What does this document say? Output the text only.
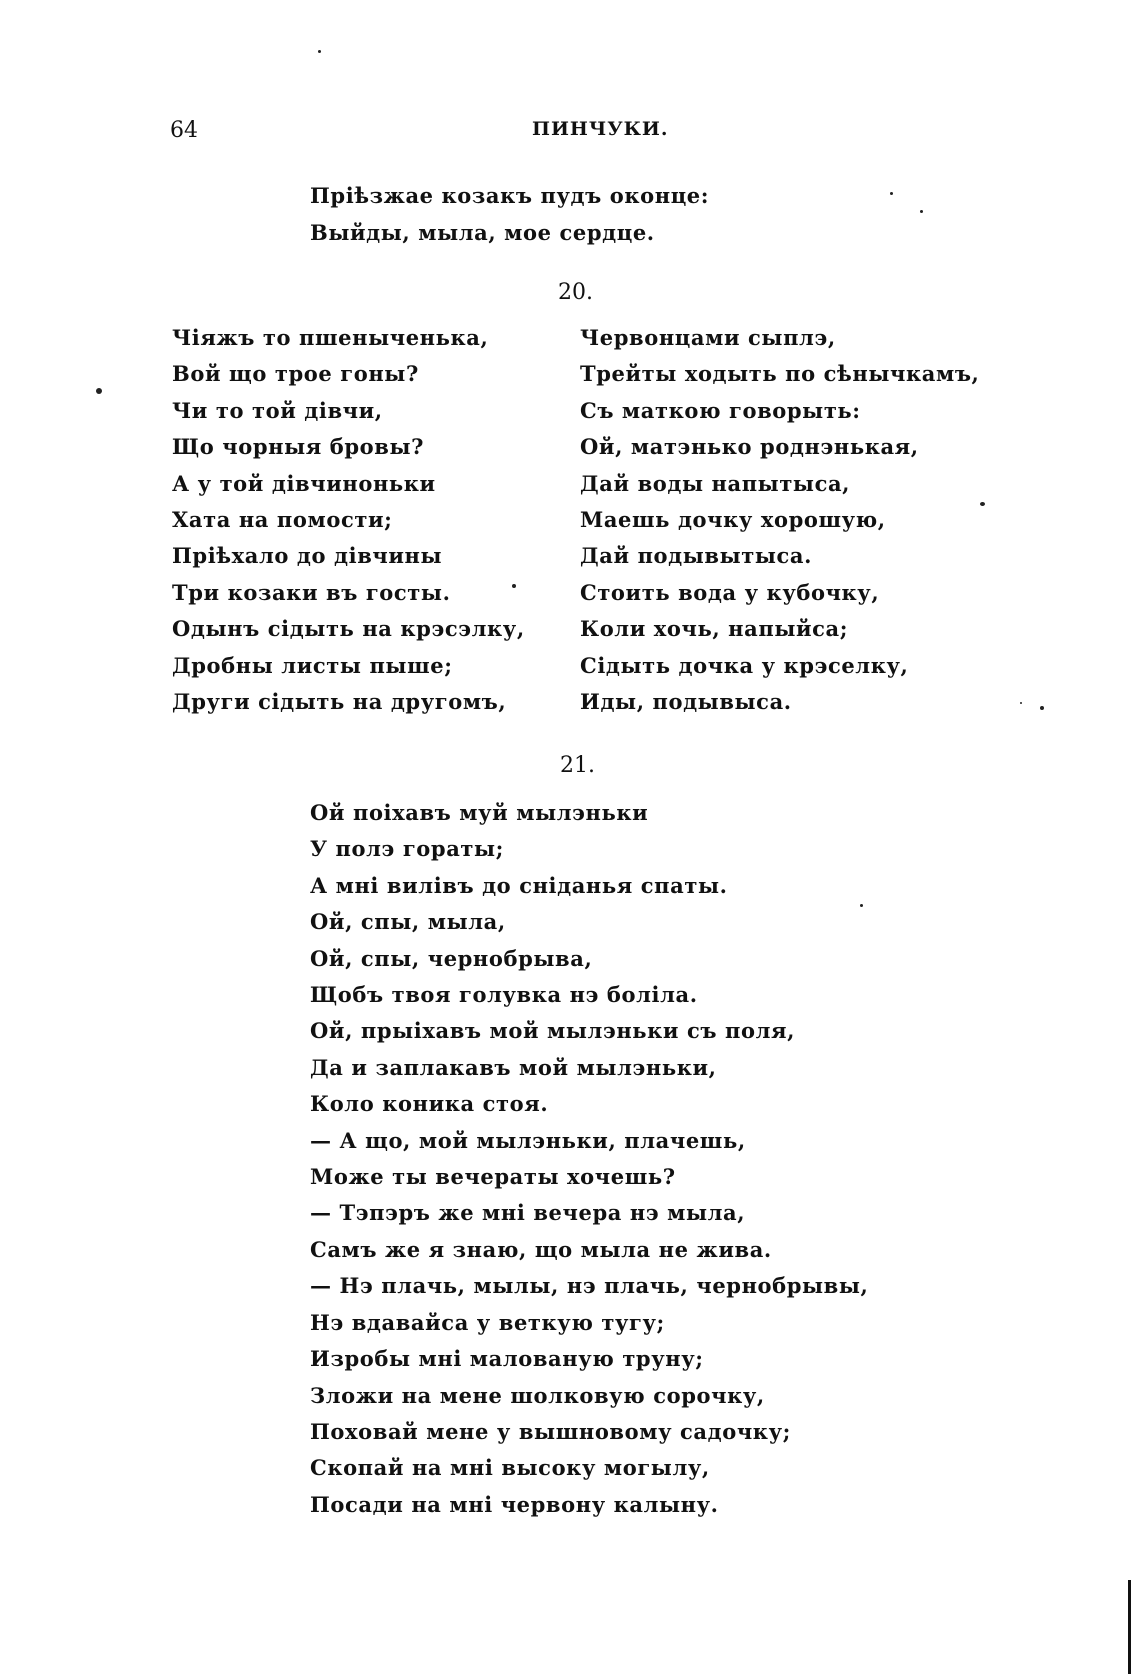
64	ПИНЧУКИ.
Прiѣзжае козакъ пудъ оконце:
Выйды, мыла, мое сердце.
20.
Чiяжъ то пшеныченька,
Вой що трое гоны?
Чи то той дiвчи,
Що чорныя бровы?
А у той дiвчиноньки
Хата на помости;
Прiѣхало до дiвчины
Три козаки въ госты.
Одынъ сiдыть на крэсэлку,
Дробны листы пыше;
Други сiдыть на другомъ,
Червонцами сыплэ,
Трейты ходыть по сѣнычкамъ,
Съ маткою говорыть:
Ой, матэнько роднэнькая,
Дай воды напытыса,
Маешь дочку хорошую,
Дай подывытыса.
Стоить вода у кубочку,
Коли хочь, напыйса;
Сiдыть дочка у крэселку,
Иды, подывыса.
21.
Ой поiхавъ муй мылэньки
У полэ гораты;
А мнi вилiвъ до снiданья спаты.
Ой, спы, мыла,
Ой, спы, чернобрыва,
Щобъ твоя голувка нэ болiла.
Ой, прыiхавъ мой мылэньки съ поля,
Да и заплакавъ мой мылэньки,
Коло коника стоя.
— А що, мой мылэньки, плачешь,
Може ты вечераты хочешь?
— Тэпэръ же мнi вечера нэ мыла,
Самъ же я знаю, що мыла не жива.
— Нэ плачь, мылы, нэ плачь, чернобрывы,
Нэ вдавайса у веткую тугу;
Изробы мнi малованую труну;
Зложи на мене шолковую сорочку,
Поховай мене у вышновому садочку;
Скопай на мнi высоку могылу,
Посади на мнi червону калыну.
